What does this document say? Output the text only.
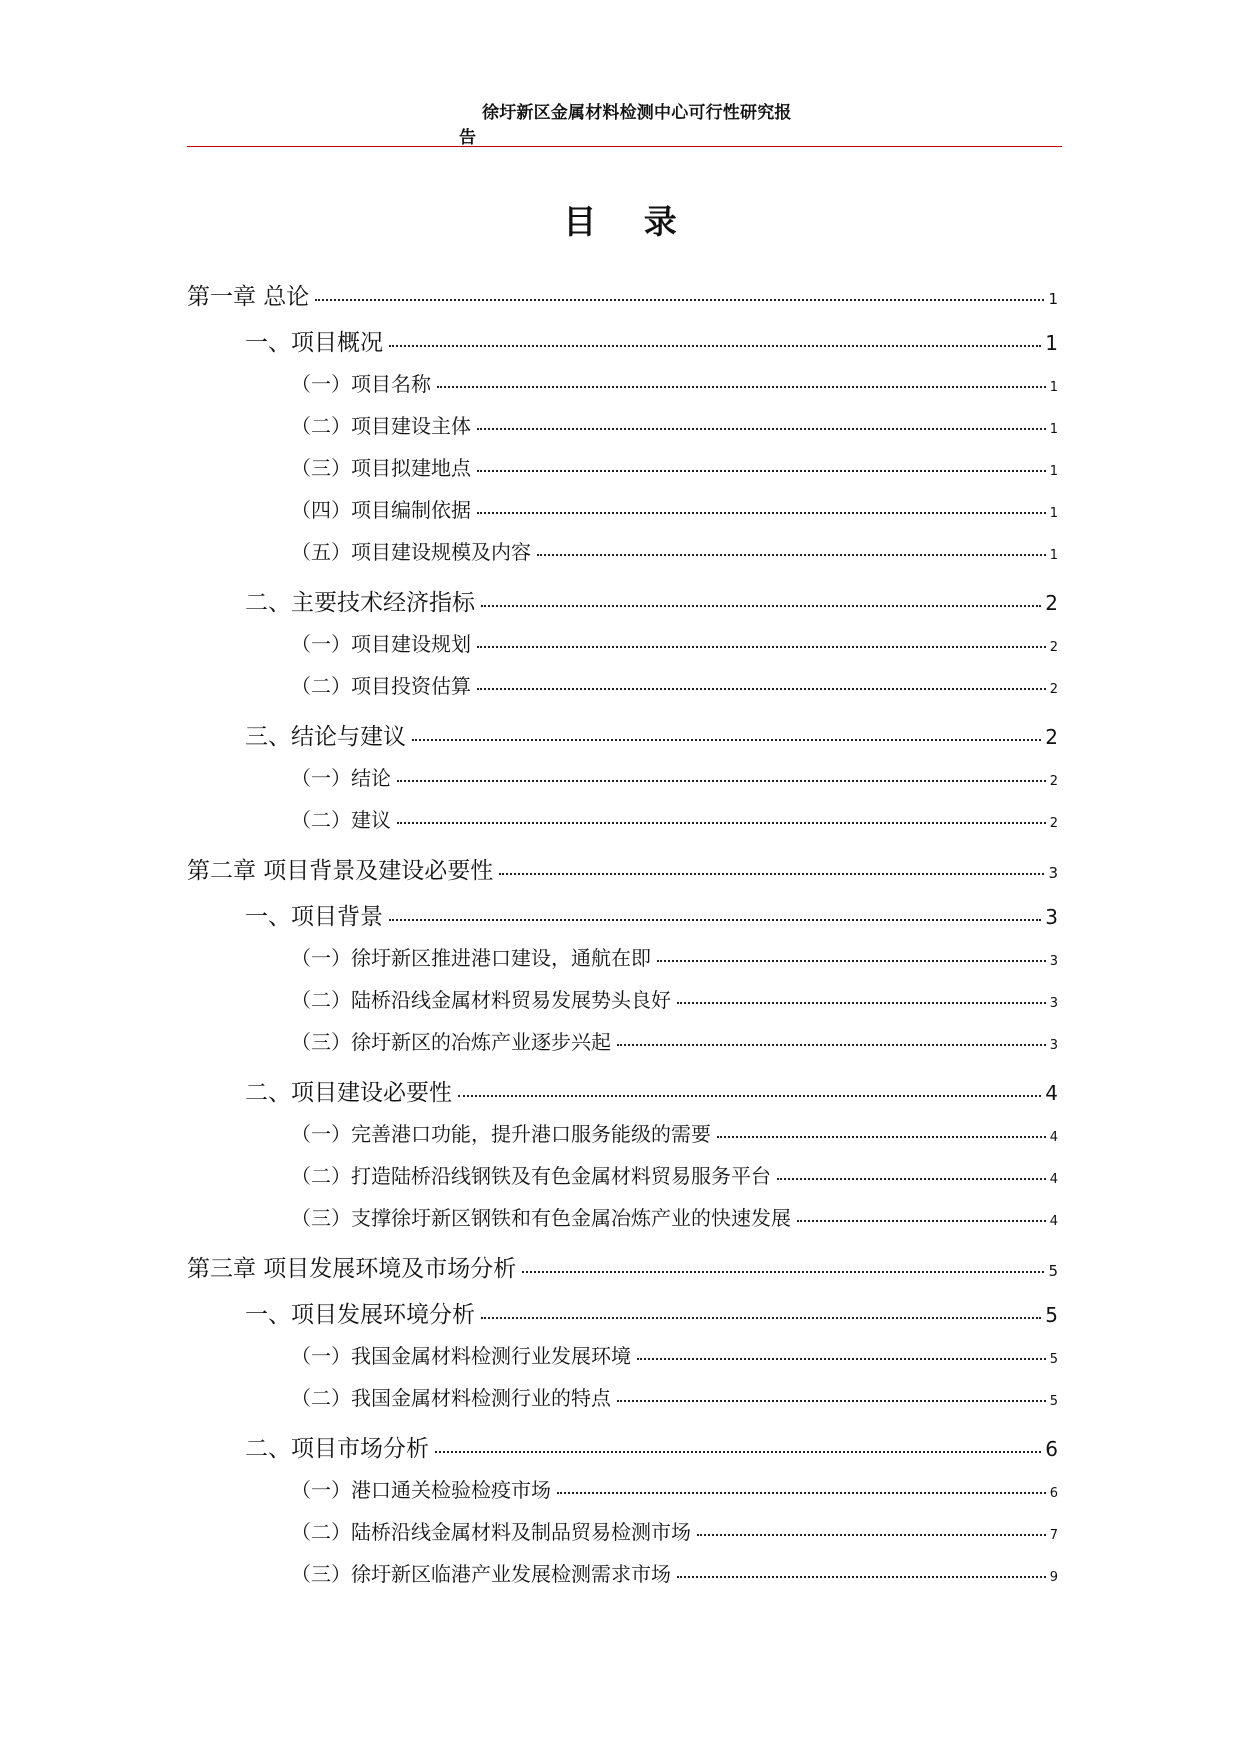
徐圩新区金属材料检测中心可行性研究报
告
目 录
第一章 总论	1
一、项目概况	1
（一）项目名称	1
（二）项目建设主体	1
（三）项目拟建地点	1
（四）项目编制依据	1
（五）项目建设规模及内容	1
二、主要技术经济指标	2
（一）项目建设规划	2
（二）项目投资估算	2
三、结论与建议	2
（一）结论	2
（二）建议	2
第二章 项目背景及建设必要性	3
一、项目背景	3
（一）徐圩新区推进港口建设，通航在即	3
（二）陆桥沿线金属材料贸易发展势头良好	3
（三）徐圩新区的冶炼产业逐步兴起	3
二、项目建设必要性	4
（一）完善港口功能，提升港口服务能级的需要	4
（二）打造陆桥沿线钢铁及有色金属材料贸易服务平台	4
（三）支撑徐圩新区钢铁和有色金属冶炼产业的快速发展	4
第三章 项目发展环境及市场分析	5
一、项目发展环境分析	5
（一）我国金属材料检测行业发展环境	5
（二）我国金属材料检测行业的特点	5
二、项目市场分析	6
（一）港口通关检验检疫市场	6
（二）陆桥沿线金属材料及制品贸易检测市场	7
（三）徐圩新区临港产业发展检测需求市场	9
